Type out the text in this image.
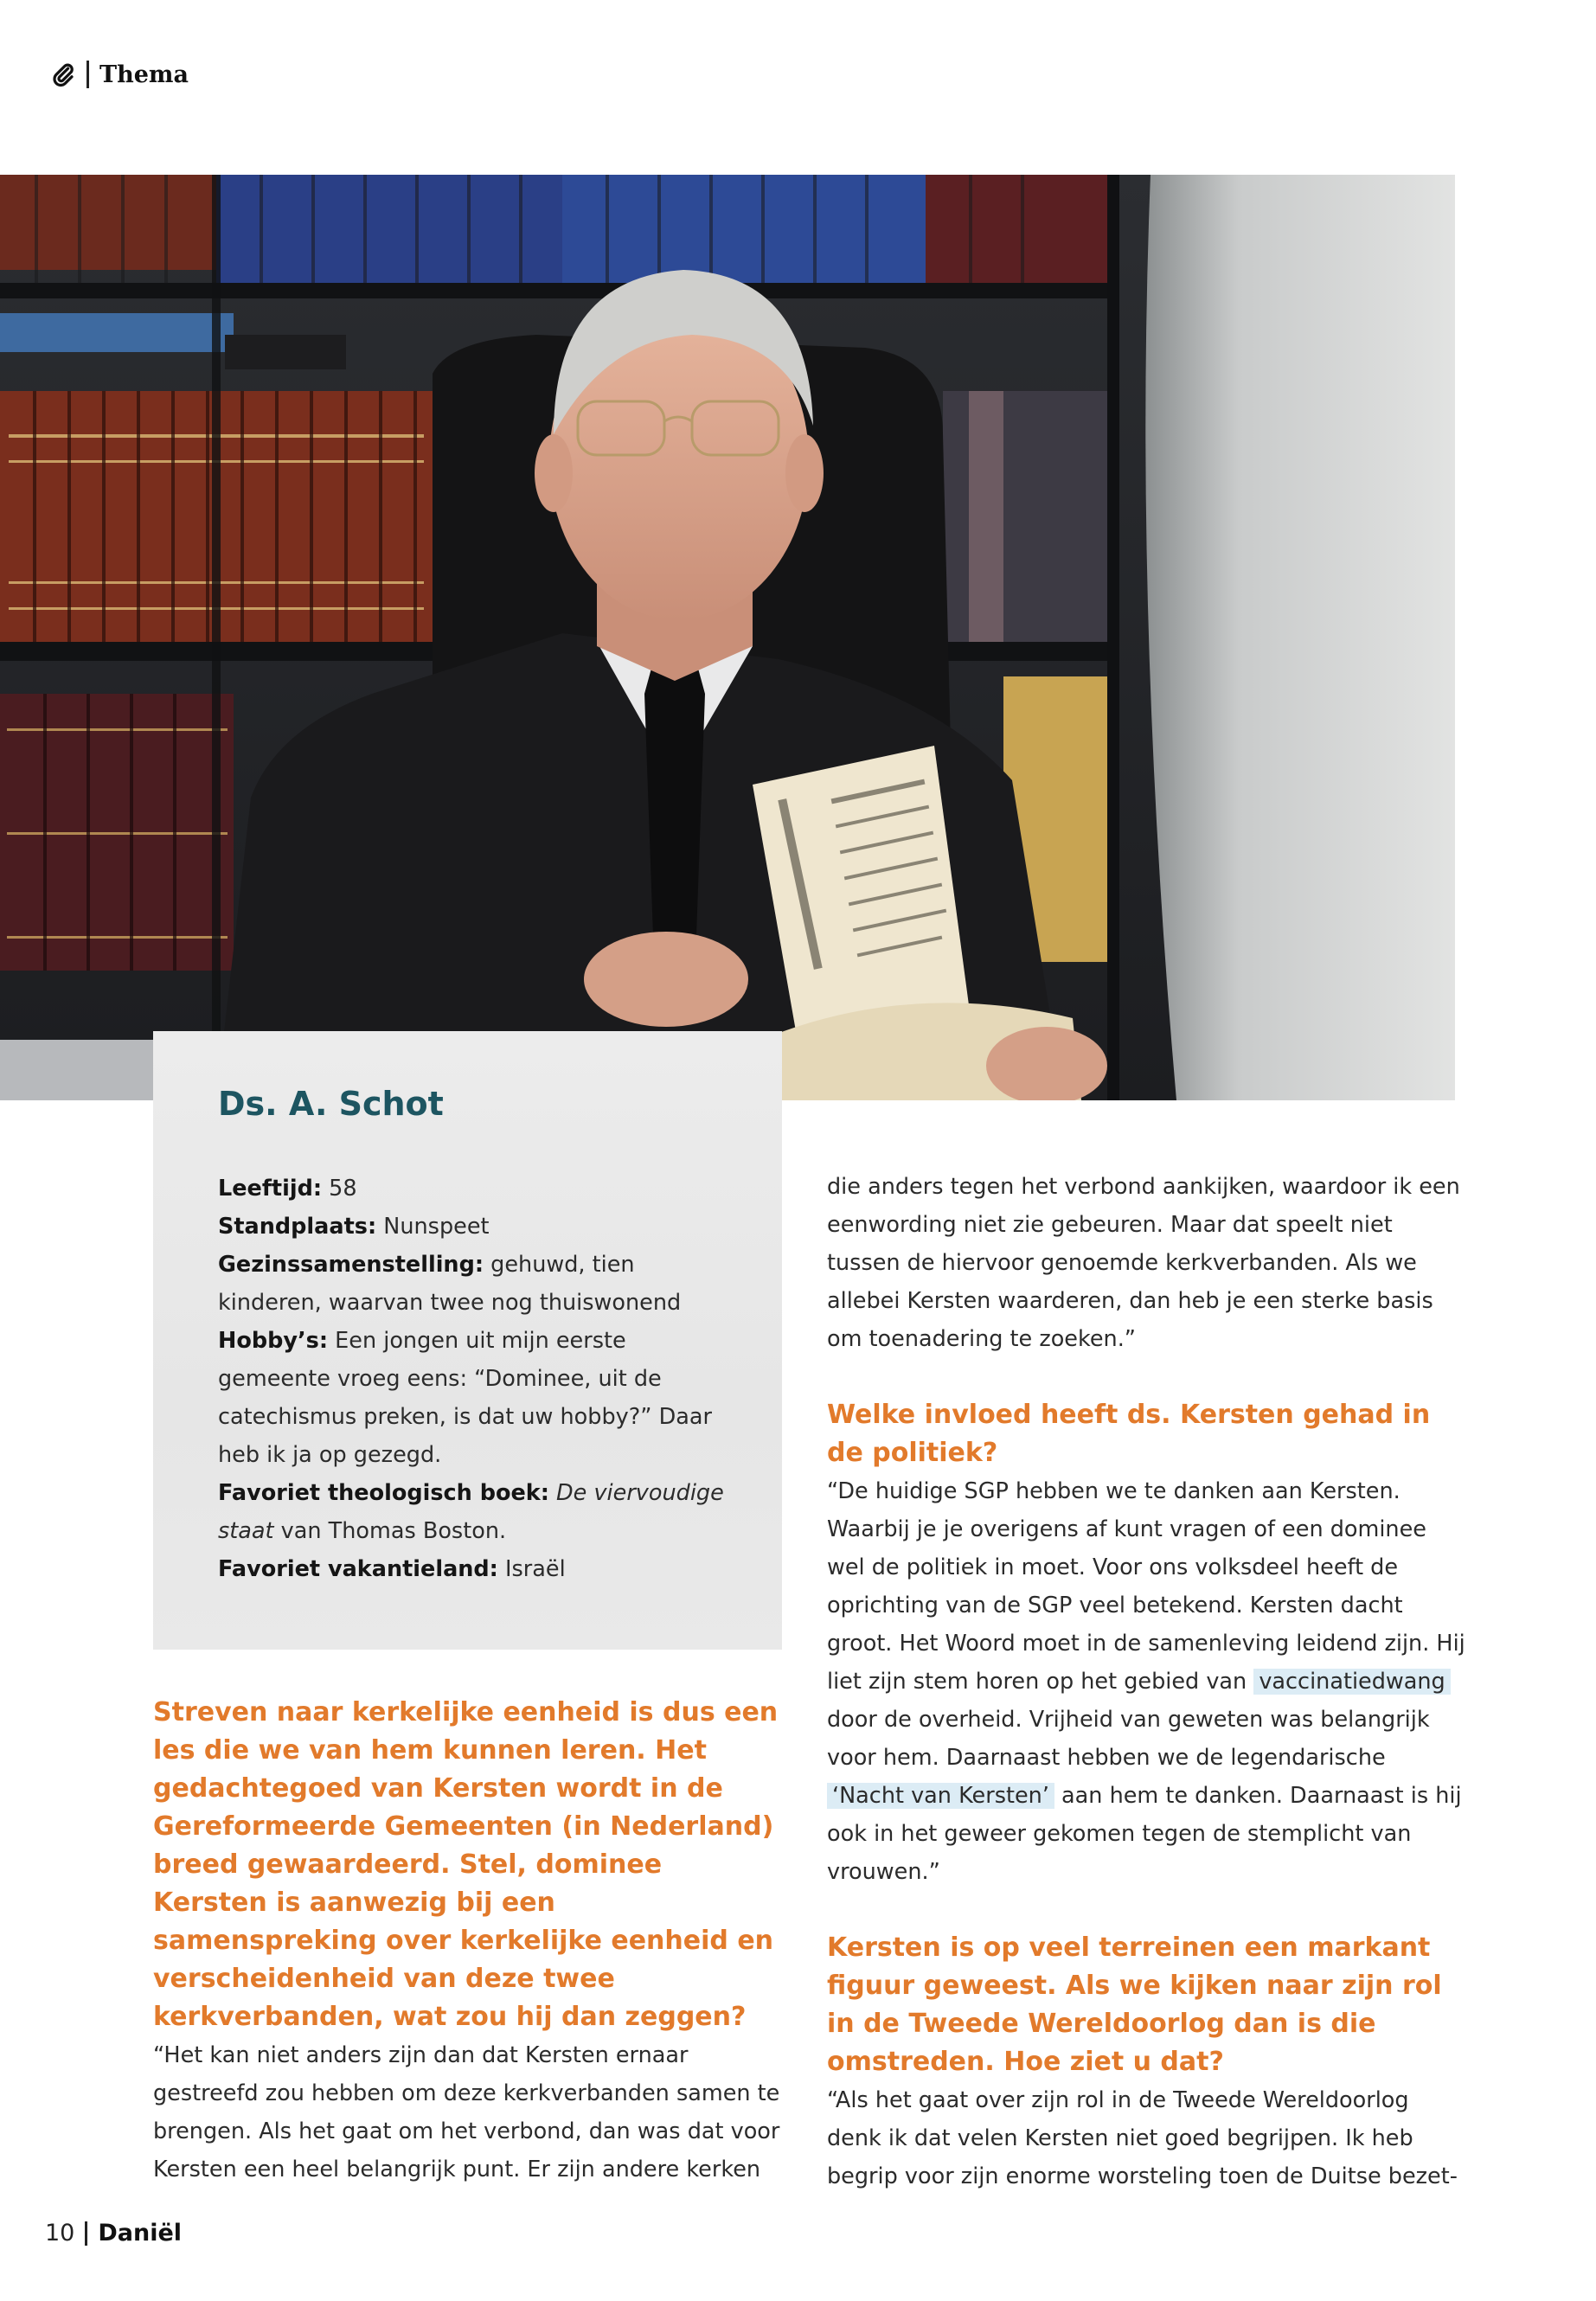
Thema
Ds. A. Schot
Leeftijd: 58
Standplaats: Nunspeet
Gezinssamenstelling: gehuwd, tien kinderen, waarvan twee nog thuiswonend
Hobby’s: Een jongen uit mijn eerste gemeente vroeg eens: “Dominee, uit de catechismus preken, is dat uw hobby?” Daar heb ik ja op gezegd.
Favoriet theologisch boek: De viervoudige staat van Thomas Boston.
Favoriet vakantieland: Israël

Streven naar kerkelijke eenheid is dus een les die we van hem kunnen leren. Het gedachtegoed van Kersten wordt in de Gereformeerde Gemeenten (in Nederland) breed gewaardeerd. Stel, dominee Kersten is aanwezig bij een samenspreking over kerkelijke eenheid en verscheidenheid van deze twee kerkverbanden, wat zou hij dan zeggen?

“Het kan niet anders zijn dan dat Kersten ernaar gestreefd zou hebben om deze kerkverbanden samen te brengen. Als het gaat om het verbond, dan was dat voor Kersten een heel belangrijk punt. Er zijn andere kerken

die anders tegen het verbond aankijken, waardoor ik een eenwording niet zie gebeuren. Maar dat speelt niet tussen de hiervoor genoemde kerkverbanden. Als we allebei Kersten waarderen, dan heb je een sterke basis om toenadering te zoeken.”

Welke invloed heeft ds. Kersten gehad in de politiek?

“De huidige SGP hebben we te danken aan Kersten. Waarbij je je overigens af kunt vragen of een dominee wel de politiek in moet. Voor ons volksdeel heeft de oprichting van de SGP veel betekend. Kersten dacht groot. Het Woord moet in de samenleving leidend zijn. Hij liet zijn stem horen op het gebied van vaccinatiedwang door de overheid. Vrijheid van geweten was belangrijk voor hem. Daarnaast hebben we de legendarische ‘Nacht van Kersten’ aan hem te danken. Daarnaast is hij ook in het geweer gekomen tegen de stemplicht van vrouwen.”

Kersten is op veel terreinen een markant figuur geweest. Als we kijken naar zijn rol in de Tweede Wereldoorlog dan is die omstreden. Hoe ziet u dat?

“Als het gaat over zijn rol in de Tweede Wereldoorlog denk ik dat velen Kersten niet goed begrijpen. Ik heb begrip voor zijn enorme worsteling toen de Duitse bezet-

10 Daniël
